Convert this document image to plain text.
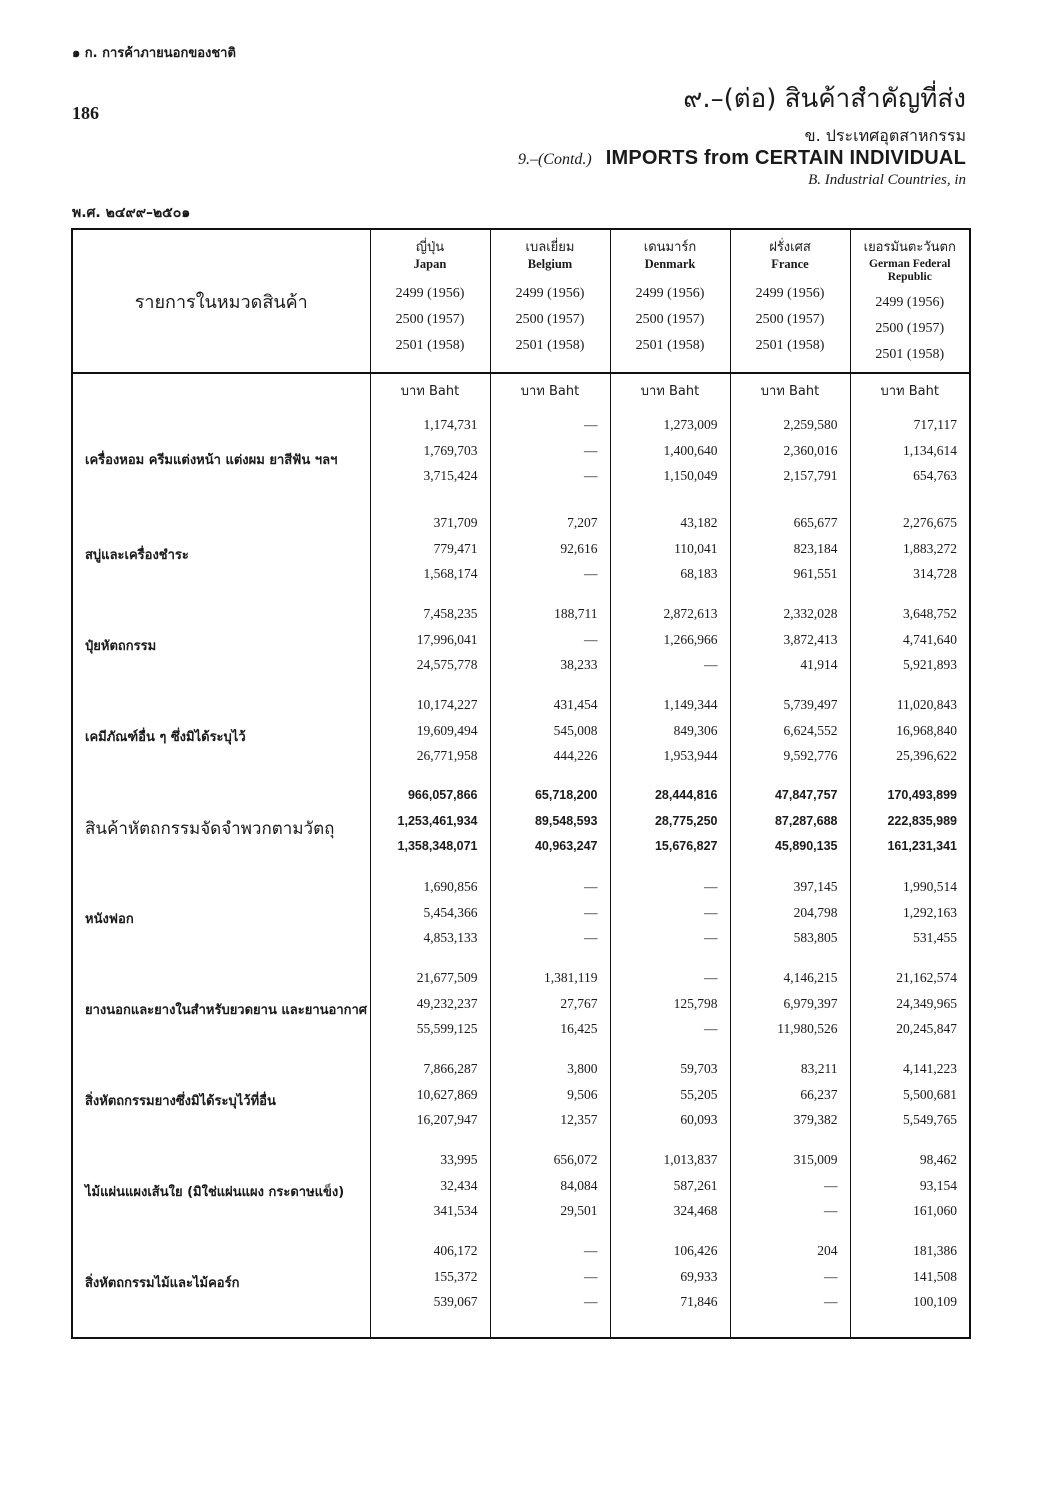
๑ ก. การค้าภายนอกของชาติ
186	๙.–(ต่อ) สินค้าสำคัญที่ส่ง
ข. ประเทศอุตสาหกรรม
9.–(Contd.) IMPORTS from CERTAIN INDIVIDUAL
B. Industrial Countries, in
พ.ศ. ๒๔๙๙–๒๕๐๑
รายการในหมวดสินค้า	ญี่ปุ่น
Japan
2499 (1956)
2500 (1957)
2501 (1958)	เบลเยี่ยม
Belgium
2499 (1956)
2500 (1957)
2501 (1958)	เดนมาร์ก
Denmark
2499 (1956)
2500 (1957)
2501 (1958)	ฝรั่งเศส
France
2499 (1956)
2500 (1957)
2501 (1958)	เยอรมันตะวันตก
German Federal Republic
2499 (1956)
2500 (1957)
2501 (1958)

	บาท Baht	บาท Baht	บาท Baht	บาท Baht	บาท Baht
เครื่องหอม ครีมแต่งหน้า แต่งผม ยาสีฟัน ฯลฯ	1,174,731
1,769,703
3,715,424	—
—
—	1,273,009
1,400,640
1,150,049	2,259,580
2,360,016
2,157,791	717,117
1,134,614
654,763

สบู่และเครื่องชำระ	371,709
779,471
1,568,174	7,207
92,616
—	43,182
110,041
68,183	665,677
823,184
961,551	2,276,675
1,883,272
314,728

ปุ๋ยหัตถกรรม	7,458,235
17,996,041
24,575,778	188,711
—
38,233	2,872,613
1,266,966
—	2,332,028
3,872,413
41,914	3,648,752
4,741,640
5,921,893

เคมีภัณฑ์อื่น ๆ ซึ่งมิได้ระบุไว้	10,174,227
19,609,494
26,771,958	431,454
545,008
444,226	1,149,344
849,306
1,953,944	5,739,497
6,624,552
9,592,776	11,020,843
16,968,840
25,396,622

สินค้าหัตถกรรมจัดจำพวกตามวัตถุ	966,057,866
1,253,461,934
1,358,348,071	65,718,200
89,548,593
40,963,247	28,444,816
28,775,250
15,676,827	47,847,757
87,287,688
45,890,135	170,493,899
222,835,989
161,231,341

หนังฟอก	1,690,856
5,454,366
4,853,133	—
—
—	—
—
—	397,145
204,798
583,805	1,990,514
1,292,163
531,455

ยางนอกและยางในสำหรับยวดยาน และยานอากาศ	21,677,509
49,232,237
55,599,125	1,381,119
27,767
16,425	—
125,798
—	4,146,215
6,979,397
11,980,526	21,162,574
24,349,965
20,245,847

สิ่งหัตถกรรมยางซึ่งมิได้ระบุไว้ที่อื่น	7,866,287
10,627,869
16,207,947	3,800
9,506
12,357	59,703
55,205
60,093	83,211
66,237
379,382	4,141,223
5,500,681
5,549,765

ไม้แผ่นแผงเส้นใย (มิใช่แผ่นแผง กระดาษแข็ง)	33,995
32,434
341,534	656,072
84,084
29,501	1,013,837
587,261
324,468	315,009
—
—	98,462
93,154
161,060

สิ่งหัตถกรรมไม้และไม้คอร์ก	406,172
155,372
539,067	—
—
—	106,426
69,933
71,846	204
—
—	181,386
141,508
100,109
